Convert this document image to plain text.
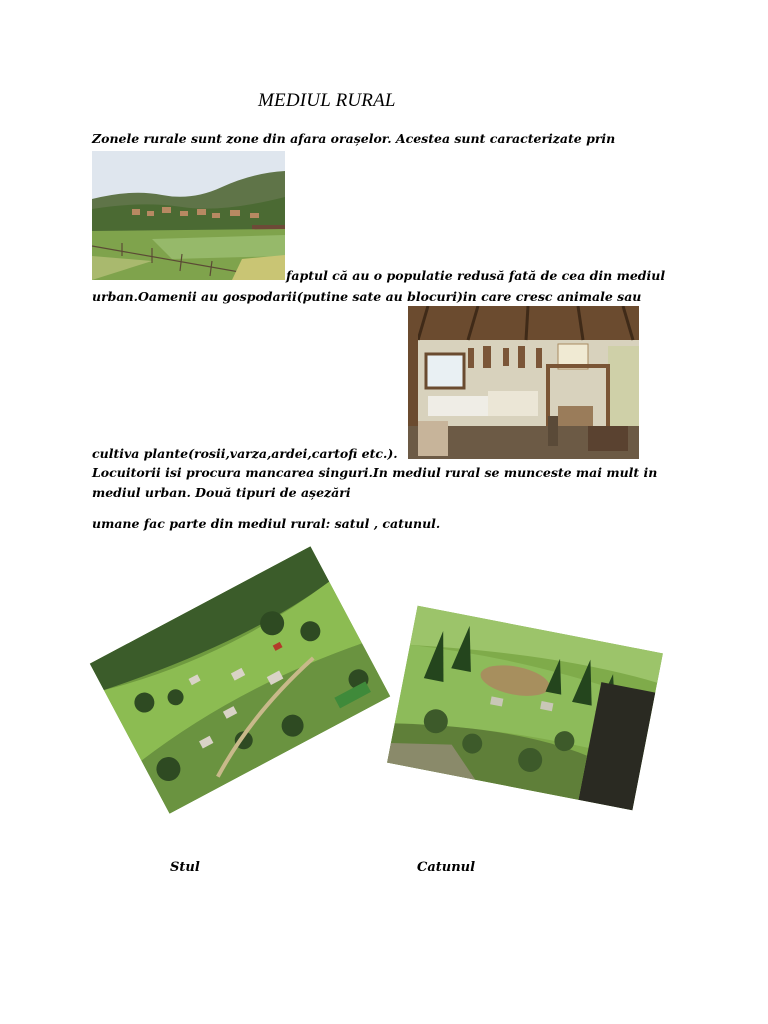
MEDIUL RURAL
Zonele rurale sunt zone din afara orașelor. Acestea sunt caracterizate prin
faptul că au o populatie redusă fată de cea din mediul
urban.Oamenii au gospodarii(putine sate au blocuri)in care cresc animale sau
cultiva plante(rosii,varza,ardei,cartofi etc.).
Locuitorii isi procura mancarea singuri.In mediul rural se munceste mai mult in
mediul urban. Două tipuri de așezări
umane fac parte din mediul rural: satul , catunul.
Stul	Catunul
